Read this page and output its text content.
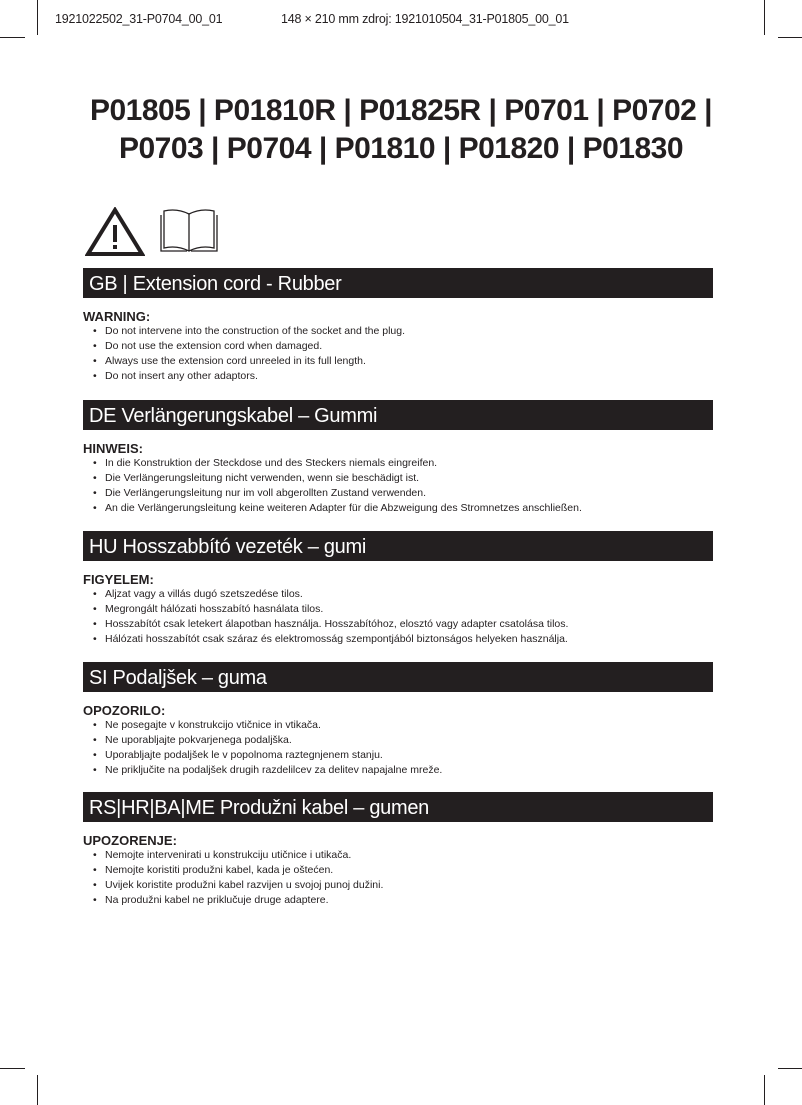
1921022502_31-P0704_00_01	148 × 210 mm zdroj: 1921010504_31-P01805_00_01
P01805 | P01810R | P01825R | P0701 | P0702 |
P0703 | P0704 | P01810 | P01820 | P01830
GB | Extension cord - Rubber
WARNING:
• Do not intervene into the construction of the socket and the plug.
• Do not use the extension cord when damaged.
• Always use the extension cord unreeled in its full length.
• Do not insert any other adaptors.
DE Verlängerungskabel – Gummi
HINWEIS:
• In die Konstruktion der Steckdose und des Steckers niemals eingreifen.
• Die Verlängerungsleitung nicht verwenden, wenn sie beschädigt ist.
• Die Verlängerungsleitung nur im voll abgerollten Zustand verwenden.
• An die Verlängerungsleitung keine weiteren Adapter für die Abzweigung des Stromnetzes anschließen.
HU Hosszabbító vezeték – gumi
FIGYELEM:
• Aljzat vagy a villás dugó szetszedése tilos.
• Megrongált hálózati hosszabító hasnálata tilos.
• Hosszabítót csak letekert álapotban használja. Hosszabítóhoz, elosztó vagy adapter csatolása tilos.
• Hálózati hosszabítót csak száraz és elektromosság szempontjából biztonságos helyeken használja.
SI Podaljšek – guma
OPOZORILO:
• Ne posegajte v konstrukcijo vtičnice in vtikača.
• Ne uporabljajte pokvarjenega podaljška.
• Uporabljajte podaljšek le v popolnoma raztegnjenem stanju.
• Ne priključite na podaljšek drugih razdelilcev za delitev napajalne mreže.
RS|HR|BA|ME Produžni kabel – gumen
UPOZORENJE:
• Nemojte intervenirati u konstrukciju utičnice i utikača.
• Nemojte koristiti produžni kabel, kada je oštećen.
• Uvijek koristite produžni kabel razvijen u svojoj punoj dužini.
• Na produžni kabel ne priklučuje druge adaptere.
